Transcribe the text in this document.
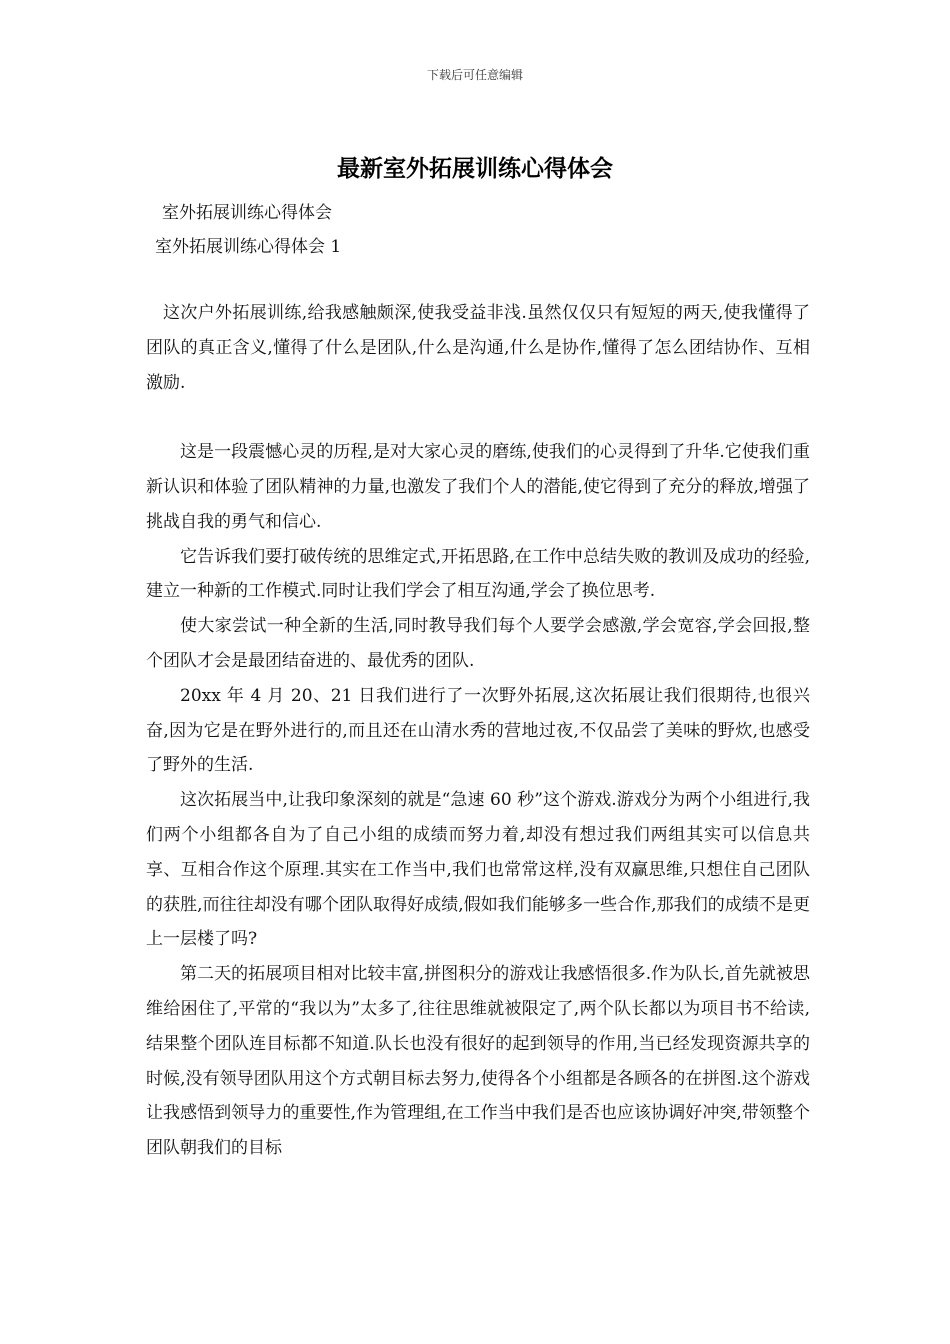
下载后可任意编辑
最新室外拓展训练心得体会
室外拓展训练心得体会
室外拓展训练心得体会 1

这次户外拓展训练,给我感触颇深,使我受益非浅.虽然仅仅只有短短的两天,使我懂得了团队的真正含义,懂得了什么是团队,什么是沟通,什么是协作,懂得了怎么团结协作、互相激励.

这是一段震憾心灵的历程,是对大家心灵的磨练,使我们的心灵得到了升华.它使我们重新认识和体验了团队精神的力量,也激发了我们个人的潜能,使它得到了充分的释放,增强了挑战自我的勇气和信心.

它告诉我们要打破传统的思维定式,开拓思路,在工作中总结失败的教训及成功的经验,建立一种新的工作模式.同时让我们学会了相互沟通,学会了换位思考.

使大家尝试一种全新的生活,同时教导我们每个人要学会感激,学会宽容,学会回报,整个团队才会是最团结奋进的、最优秀的团队.

20xx 年 4 月 20、21 日我们进行了一次野外拓展,这次拓展让我们很期待,也很兴奋,因为它是在野外进行的,而且还在山清水秀的营地过夜,不仅品尝了美味的野炊,也感受了野外的生活.

这次拓展当中,让我印象深刻的就是“急速 60 秒”这个游戏.游戏分为两个小组进行,我们两个小组都各自为了自己小组的成绩而努力着,却没有想过我们两组其实可以信息共享、互相合作这个原理.其实在工作当中,我们也常常这样,没有双赢思维,只想住自己团队的获胜,而往往却没有哪个团队取得好成绩,假如我们能够多一些合作,那我们的成绩不是更上一层楼了吗?

第二天的拓展项目相对比较丰富,拼图积分的游戏让我感悟很多.作为队长,首先就被思维给困住了,平常的“我以为”太多了,往往思维就被限定了,两个队长都以为项目书不给读,结果整个团队连目标都不知道.队长也没有很好的起到领导的作用,当已经发现资源共享的时候,没有领导团队用这个方式朝目标去努力,使得各个小组都是各顾各的在拼图.这个游戏让我感悟到领导力的重要性,作为管理组,在工作当中我们是否也应该协调好冲突,带领整个团队朝我们的目标
